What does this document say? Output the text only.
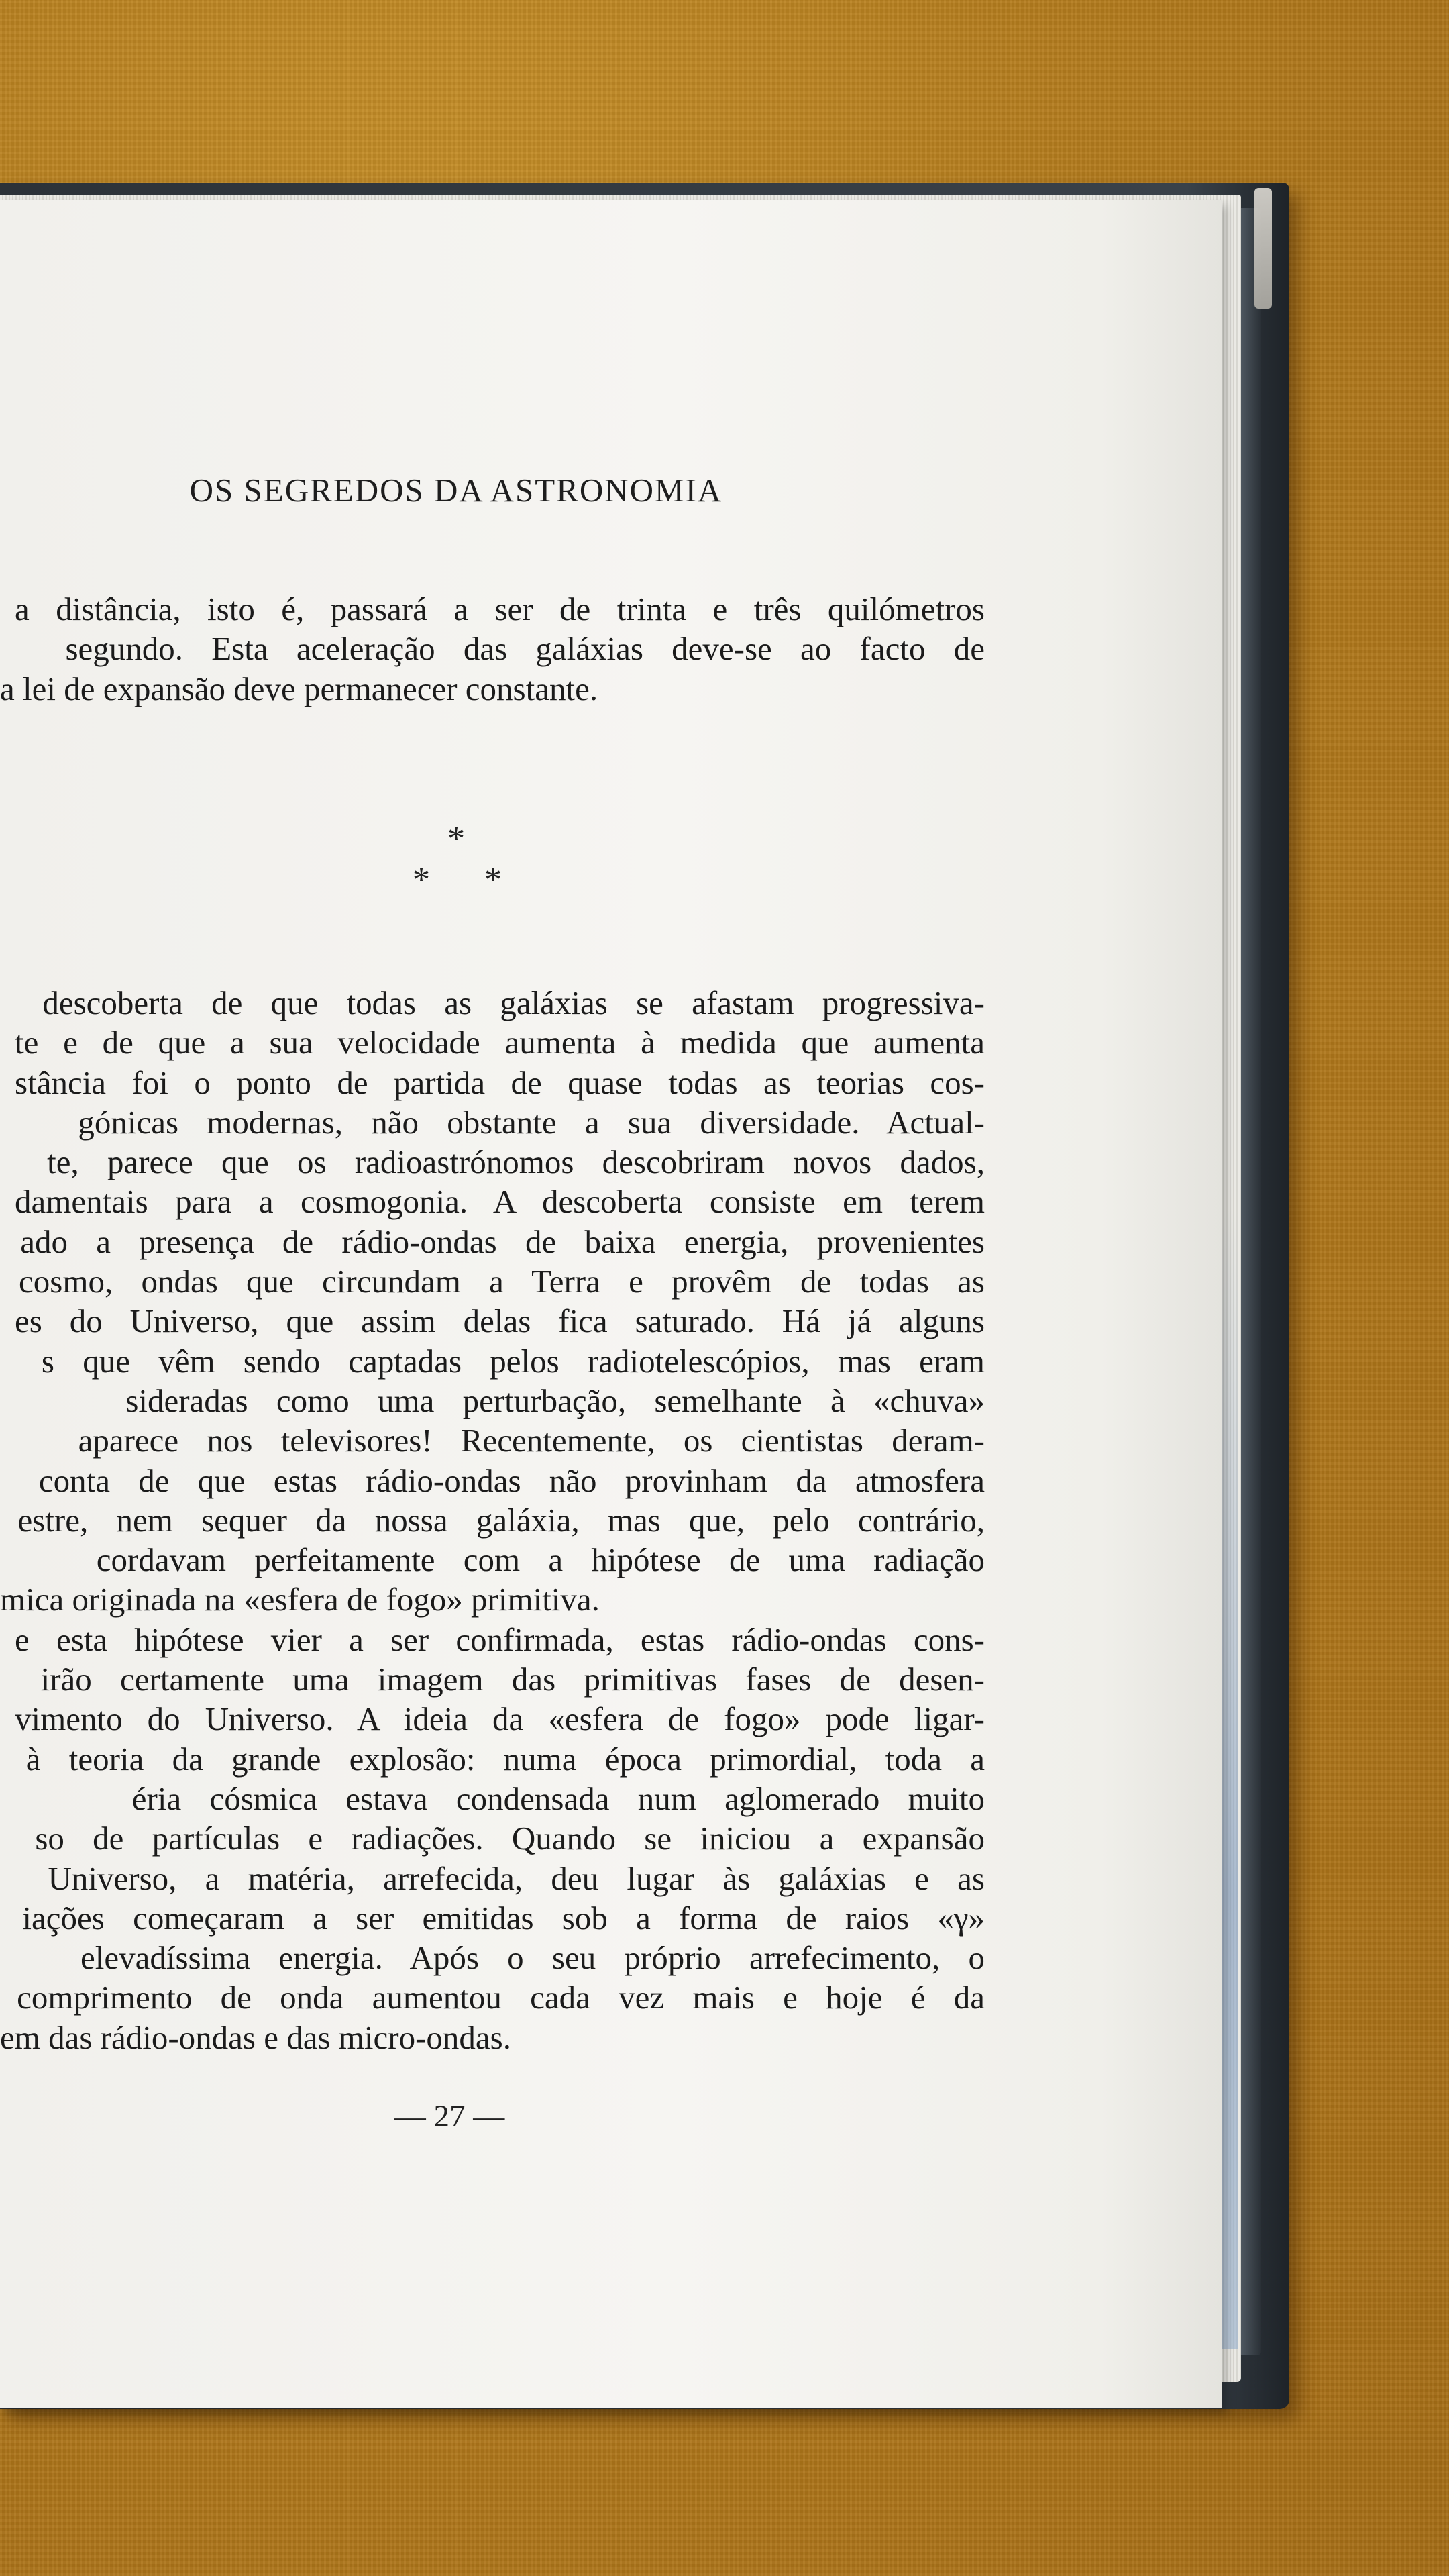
OS SEGREDOS DA ASTRONOMIA
a distância, isto é, passará a ser de trinta e três quilómetros
segundo. Esta aceleração das galáxias deve-se ao facto de
a lei de expansão deve permanecer constante.
*
* *
descoberta de que todas as galáxias se afastam progressiva-
te e de que a sua velocidade aumenta à medida que aumenta
stância foi o ponto de partida de quase todas as teorias cos-
gónicas modernas, não obstante a sua diversidade. Actual-
te, parece que os radioastrónomos descobriram novos dados,
damentais para a cosmogonia. A descoberta consiste em terem
ado a presença de rádio-ondas de baixa energia, provenientes
cosmo, ondas que circundam a Terra e provêm de todas as
es do Universo, que assim delas fica saturado. Há já alguns
s que vêm sendo captadas pelos radiotelescópios, mas eram
sideradas como uma perturbação, semelhante à «chuva»
aparece nos televisores! Recentemente, os cientistas deram-
conta de que estas rádio-ondas não provinham da atmosfera
estre, nem sequer da nossa galáxia, mas que, pelo contrário,
cordavam perfeitamente com a hipótese de uma radiação
mica originada na «esfera de fogo» primitiva.
e esta hipótese vier a ser confirmada, estas rádio-ondas cons-
irão certamente uma imagem das primitivas fases de desen-
vimento do Universo. A ideia da «esfera de fogo» pode ligar-
à teoria da grande explosão: numa época primordial, toda a
éria cósmica estava condensada num aglomerado muito
so de partículas e radiações. Quando se iniciou a expansão
Universo, a matéria, arrefecida, deu lugar às galáxias e as
iações começaram a ser emitidas sob a forma de raios «γ»
elevadíssima energia. Após o seu próprio arrefecimento, o
comprimento de onda aumentou cada vez mais e hoje é da
em das rádio-ondas e das micro-ondas.
— 27 —
